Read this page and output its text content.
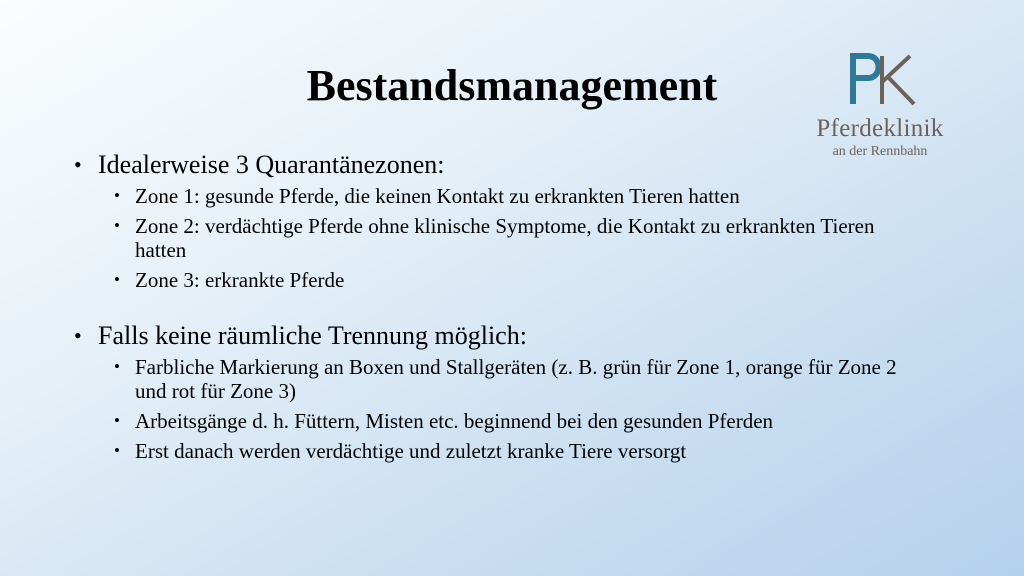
Bestandsmanagement
Pferdeklinik
an der Rennbahn
• Idealerweise 3 Quarantänezonen:
• Zone 1: gesunde Pferde, die keinen Kontakt zu erkrankten Tieren hatten
• Zone 2: verdächtige Pferde ohne klinische Symptome, die Kontakt zu erkrankten Tieren hatten
• Zone 3: erkrankte Pferde
• Falls keine räumliche Trennung möglich:
• Farbliche Markierung an Boxen und Stallgeräten (z. B. grün für Zone 1, orange für Zone 2 und rot für Zone 3)
• Arbeitsgänge d. h. Füttern, Misten etc. beginnend bei den gesunden Pferden
• Erst danach werden verdächtige und zuletzt kranke Tiere versorgt
